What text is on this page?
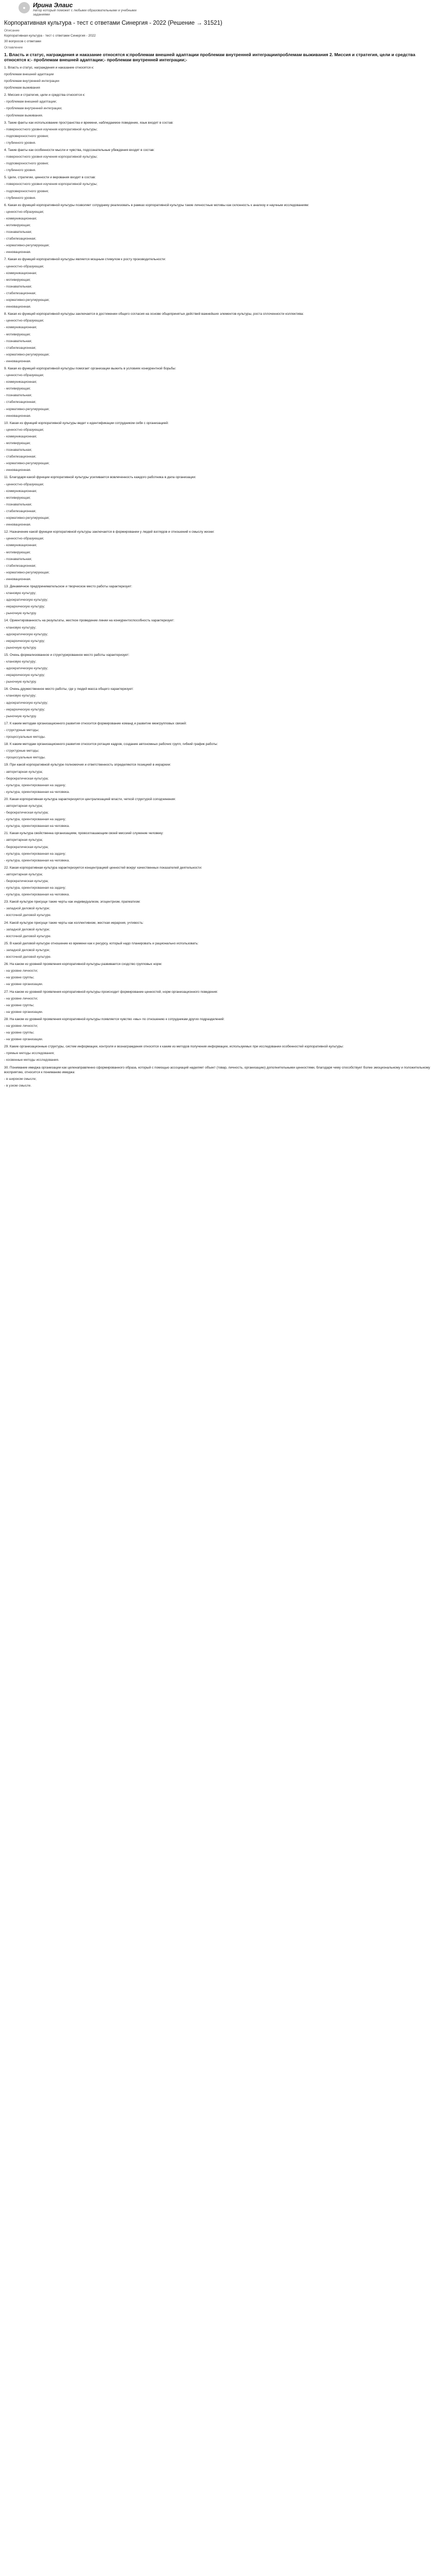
● Ирина Элаис
Автор который поможет с любыми образовательными и учебными заданиями
Корпоративная культура - тест с ответами Синергия - 2022 (Решение → 31521)
Описание
Корпоративная культура - тест с ответами Синергия - 2022
30 вопросов с ответами
Оглавление
1. Власть и статус, награждения и наказание относятся к:проблемам внешней адаптации проблемам внутренней интеграциипроблемам выживания 2. Миссия и стратегия, цели и средства относятся к:- проблемам внешней адаптации;- проблемам внутренней интеграции;-
1. Власть и статус, награждения и наказание относятся к:
проблемам внешней адаптации
проблемам внутренней интеграции
проблемам выживания
2. Миссия и стратегия, цели и средства относятся к:
- проблемам внешней адаптации;
- проблемам внутренней интеграции;
- проблемам выживания.
3. Такие факты как использование пространства и времени, наблюдаемое поведение, язык входят в состав:
- поверхностного уровня изучения корпоративной культуры;
- подповерхностного уровня;
- глубинного уровня.
4. Такие факты как особенности мысли и чувства, подсознательные убеждения входят в состав:
- поверхностного уровня изучения корпоративной культуры;
- подповерхностного уровня;
- глубинного уровня.
5. Цели, стратегии, ценности и верования входят в состав:
- поверхностного уровня изучения корпоративной культуры;
- подповерхностного уровня;
- глубинного уровня.
6. Какая из функций корпоративной культуры позволяет сотруднику реализовать в рамках корпоративной культуры такие личностные мотивы как склонность к анализу и научным исследованиям:
- ценностно-образующая;
- коммуникационная;
- мотивирующая;
- познавательная;
- стабилизационная;
- нормативно-регулирующая;
- инновационная.
7. Какая из функций корпоративной культуры является мощным стимулом к росту производительности:
- ценностно-образующая;
- коммуникационная;
- мотивирующая;
- познавательная;
- стабилизационная;
- нормативно-регулирующая;
- инновационная.
8. Какая из функций корпоративной культуры заключается в достижении общего согласия на основе общепринятых действий важнейших элементов культуры, роста сплоченности коллектива:
- ценностно-образующая;
- коммуникационная;
- мотивирующая;
- познавательная;
- стабилизационная;
- нормативно-регулирующая;
- инновационная.
9. Какая из функций корпоративной культуры помогает организации выжить в условиях конкурентной борьбы:
- ценностно-образующая;
- коммуникационная;
- мотивирующая;
- познавательная;
- стабилизационная;
- нормативно-регулирующая;
- инновационная.
10. Какая из функций корпоративной культуры ведет к идентификации сотрудником себя с организацией:
- ценностно-образующая;
- коммуникационная;
- мотивирующая;
- познавательная;
- стабилизационная;
- нормативно-регулирующая;
- инновационная.
11. Благодаря какой функции корпоративной культуры усиливается вовлеченность каждого работника в дела организации:
- ценностно-образующая;
- коммуникационная;
- мотивирующая;
- познавательная;
- стабилизационная;
- нормативно-регулирующая;
- инновационная.
12. Назначение какой функции корпоративной культуры заключается в формировании у людей взглядов и отношений к смыслу жизни:
- ценностно-образующая;
- коммуникационная;
- мотивирующая;
- познавательная;
- стабилизационная;
- нормативно-регулирующая;
- инновационная.
13. Динамичное предпринимательское и творческое место работы характеризует:
- клановую культуру;
- адхократическую культуру;
- иерархическую культуру;
- рыночную культуру.
14. Ориентированность на результаты, жесткое проведение линии на конкурентоспособность характеризует:
- клановую культуру;
- адхократическую культуру;
- иерархическую культуру;
- рыночную культуру.
15. Очень формализованное и структурированное место работы характеризует:
- клановую культуру;
- адхократическую культуру;
- иерархическую культуру;
- рыночную культуру.
16. Очень дружественное место работы, где у людей масса общего характеризует:
- клановую культуру;
- адхократическую культуру;
- иерархическую культуру;
- рыночную культуру.
17. К каким методам организационного развития относится формирование команд и развитие межгрупповых связей:
- структурные методы;
- процессуальные методы.
18. К каким методам организационного развития относится ротация кадров, создание автономных рабочих групп, гибкий график работы:
- структурные методы;
- процессуальные методы.
19. При какой корпоративной культуре полномочия и ответственность определяются позицией в иерархии:
- авторитарная культура;
- бюрократическая культура;
- культура, ориентированная на задачу;
- культура, ориентированная на человека.
20. Какая корпоративная культура характеризуется централизацией власти, четкой структурой соподчинения:
- авторитарная культура;
- бюрократическая культура;
- культура, ориентированная на задачу;
- культура, ориентированная на человека.
21. Какая культура свойственна организациям, провозглашающим своей миссией служение человеку:
- авторитарная культура;
- бюрократическая культура;
- культура, ориентированная на задачу;
- культура, ориентированная на человека.
22. Какая корпоративная культура характеризуется концентрацией ценностей вокруг качественных показателей деятельности:
- авторитарная культура;
- бюрократическая культура;
- культура, ориентированная на задачу;
- культура, ориентированная на человека.
23. Какой культуре присущи такие черты как индивидуализм, эгоцентризм, прагматизм:
- западной деловой культуре;
- восточной деловой культуре.
24. Какой культуре присущи такие черты как коллективизм, жесткая иерархия, учтивость:
- западной деловой культуре;
- восточной деловой культуре.
25. В какой деловой культуре отношение ко времени как к ресурсу, который надо планировать и рационально использовать:
- западной деловой культуре;
- восточной деловой культуре.
26. На каком из уровней проявления корпоративной культуры развивается сходство групповых норм:
- на уровне личности;
- на уровне группы;
- на уровне организации.
27. На каком из уровней проявления корпоративной культуры происходит формирование ценностей, норм организационного поведения:
- на уровне личности;
- на уровне группы;
- на уровне организации.
28. На каком из уровней проявления корпоративной культуры появляется чувство «мы» по отношению к сотрудникам других подразделений:
- на уровне личности;
- на уровне группы;
- на уровне организации.
29. Какие организационные структуры, систем информации, контроля и вознаграждения относятся к каким из методов получения информации, используемых при исследовании особенностей корпоративной культуры:
- прямые методы исследования;
- косвенные методы исследования.
30. Понимание имиджа организации как целенаправленно сформированного образа, который с помощью ассоциаций наделяет объект (товар, личность, организацию) дополнительными ценностями, благодаря чему способствует более эмоциональному и положительному восприятию, относится к пониманию имиджа:
- в широком смысле;
- в узком смысле.
